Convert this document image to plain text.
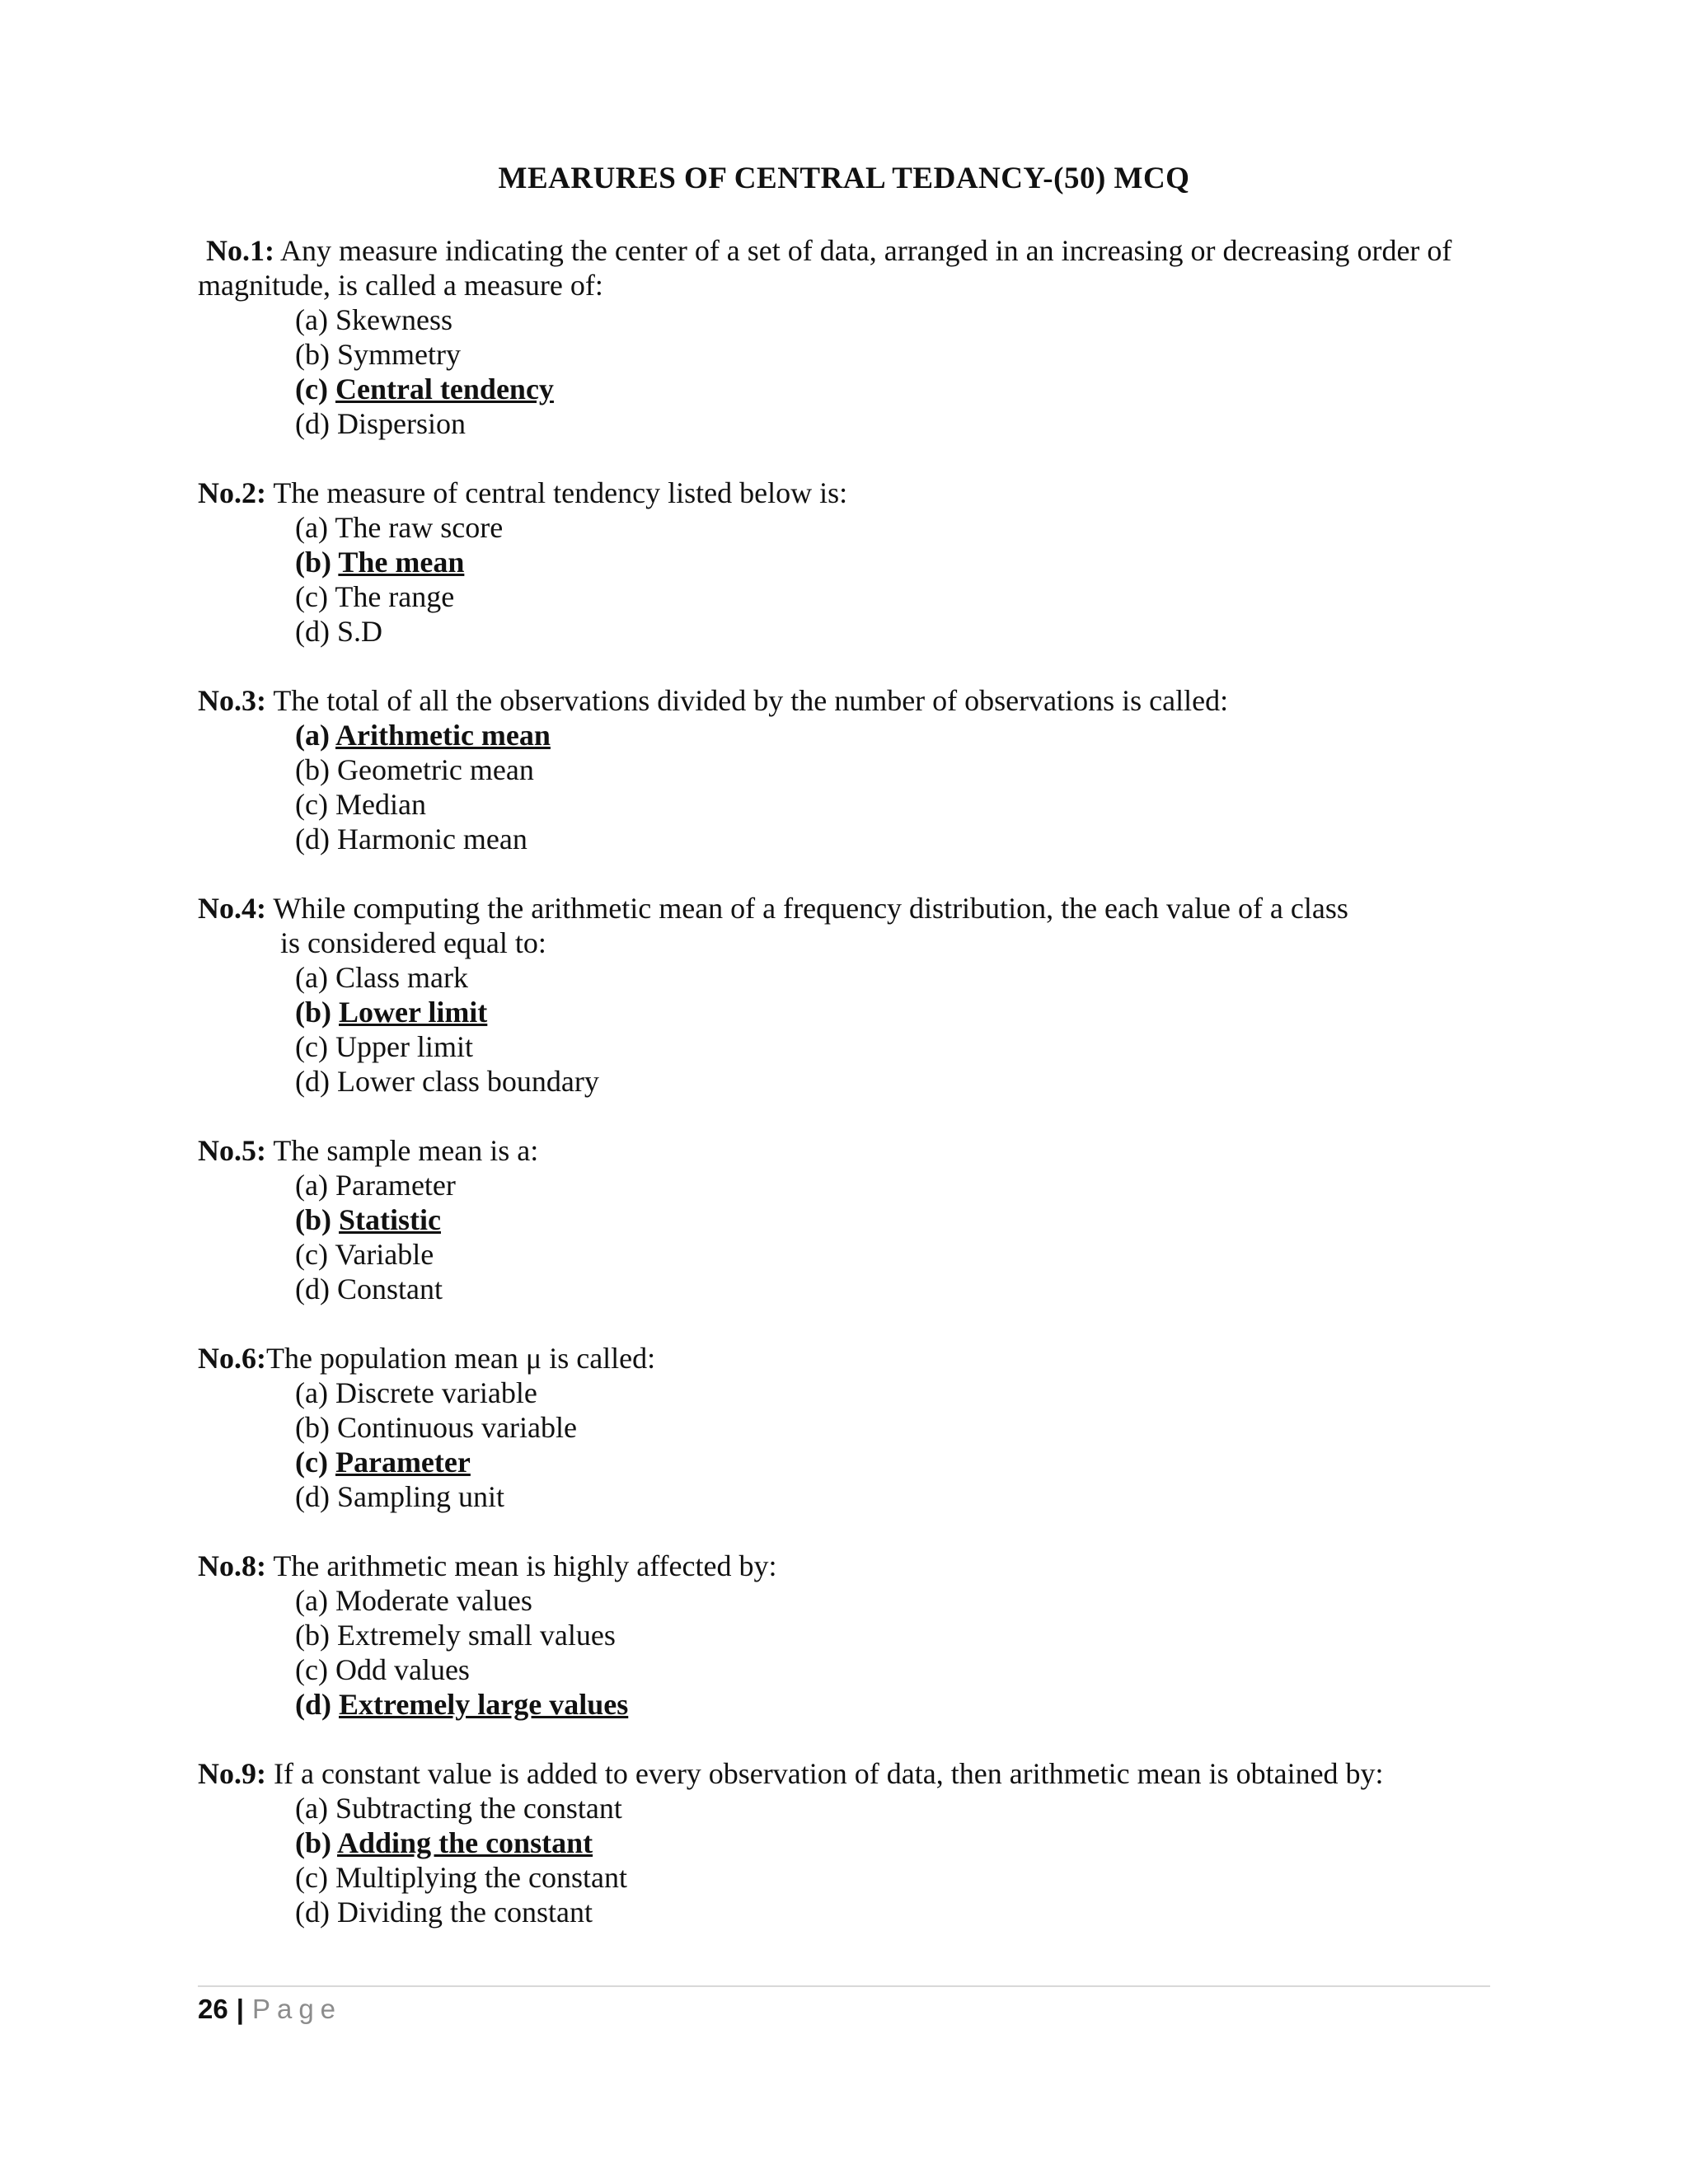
MEARURES OF CENTRAL TEDANCY-(50) MCQ
No.1: Any measure indicating the center of a set of data, arranged in an increasing or decreasing order of magnitude, is called a measure of:
(a) Skewness
(b) Symmetry
(c) Central tendency
(d) Dispersion
No.2: The measure of central tendency listed below is:
(a) The raw score
(b) The mean
(c) The range
(d) S.D
No.3: The total of all the observations divided by the number of observations is called:
(a) Arithmetic mean
(b) Geometric mean
(c) Median
(d) Harmonic mean
No.4: While computing the arithmetic mean of a frequency distribution, the each value of a class
is considered equal to:
(a) Class mark
(b) Lower limit
(c) Upper limit
(d) Lower class boundary
No.5: The sample mean is a:
(a) Parameter
(b) Statistic
(c) Variable
(d) Constant
No.6:The population mean μ is called:
(a) Discrete variable
(b) Continuous variable
(c) Parameter
(d) Sampling unit
No.8: The arithmetic mean is highly affected by:
(a) Moderate values
(b) Extremely small values
(c) Odd values
(d) Extremely large values
No.9: If a constant value is added to every observation of data, then arithmetic mean is obtained by:
(a) Subtracting the constant
(b) Adding the constant
(c) Multiplying the constant
(d) Dividing the constant
26 | Page
